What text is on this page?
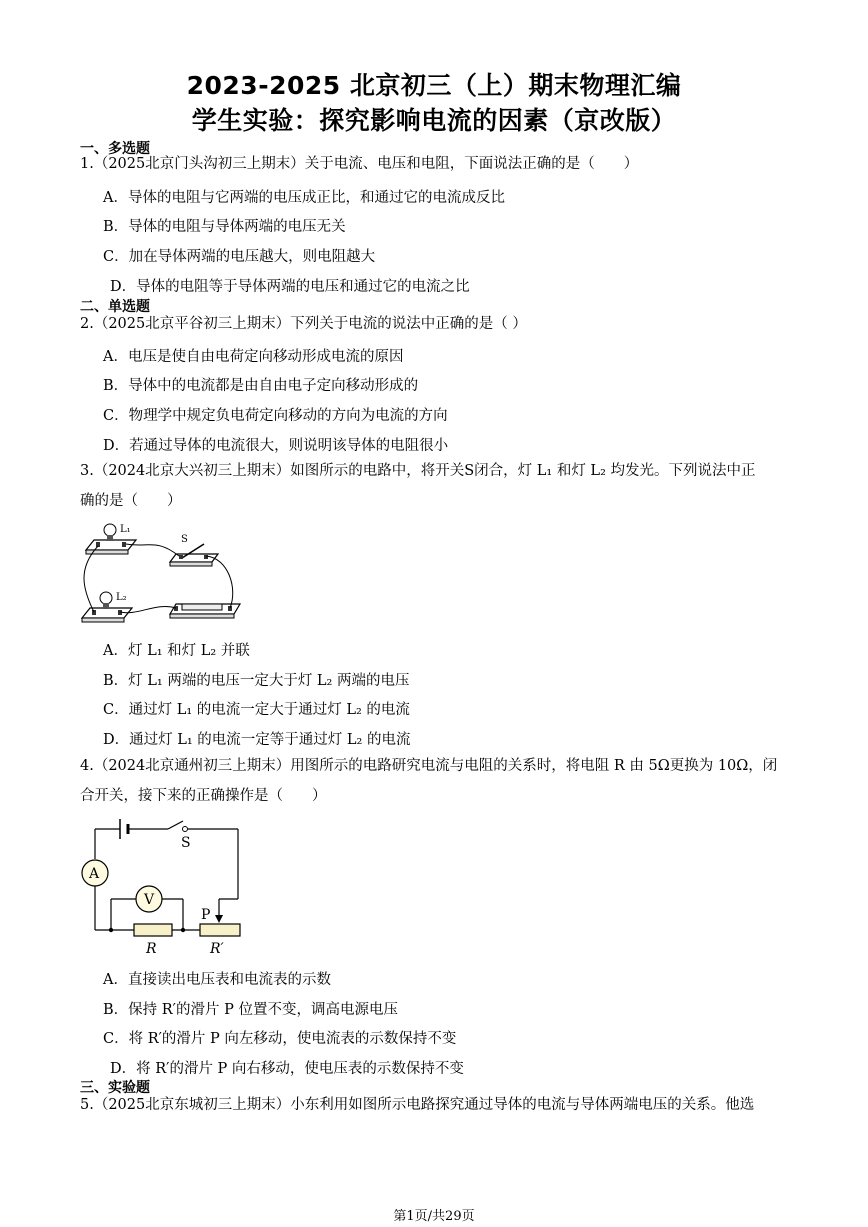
2023-2025 北京初三（上）期末物理汇编
学生实验：探究影响电流的因素（京改版）
一、多选题
1.（2025北京门头沟初三上期末）关于电流、电压和电阻，下面说法正确的是（　　）
A．导体的电阻与它两端的电压成正比，和通过它的电流成反比
B．导体的电阻与导体两端的电压无关
C．加在导体两端的电压越大，则电阻越大
D．导体的电阻等于导体两端的电压和通过它的电流之比
二、单选题
2.（2025北京平谷初三上期末）下列关于电流的说法中正确的是（ ）
A．电压是使自由电荷定向移动形成电流的原因
B．导体中的电流都是由自由电子定向移动形成的
C．物理学中规定负电荷定向移动的方向为电流的方向
D．若通过导体的电流很大，则说明该导体的电阻很小
3.（2024北京大兴初三上期末）如图所示的电路中，将开关S闭合，灯 L₁ 和灯 L₂ 均发光。下列说法中正
确的是（　　）
L₁
S
L₂
A．灯 L₁ 和灯 L₂ 并联
B．灯 L₁ 两端的电压一定大于灯 L₂ 两端的电压
C．通过灯 L₁ 的电流一定大于通过灯 L₂ 的电流
D．通过灯 L₁ 的电流一定等于通过灯 L₂ 的电流
4.（2024北京通州初三上期末）用图所示的电路研究电流与电阻的关系时，将电阻 R 由 5Ω更换为 10Ω，闭
合开关，接下来的正确操作是（　　）
S
P
A
R	R′
V
A．直接读出电压表和电流表的示数
B．保持 R′的滑片 P 位置不变，调高电源电压
C．将 R′的滑片 P 向左移动，使电流表的示数保持不变
D．将 R′的滑片 P 向右移动，使电压表的示数保持不变
三、实验题
5.（2025北京东城初三上期末）小东利用如图所示电路探究通过导体的电流与导体两端电压的关系。他选
第1页/共29页
